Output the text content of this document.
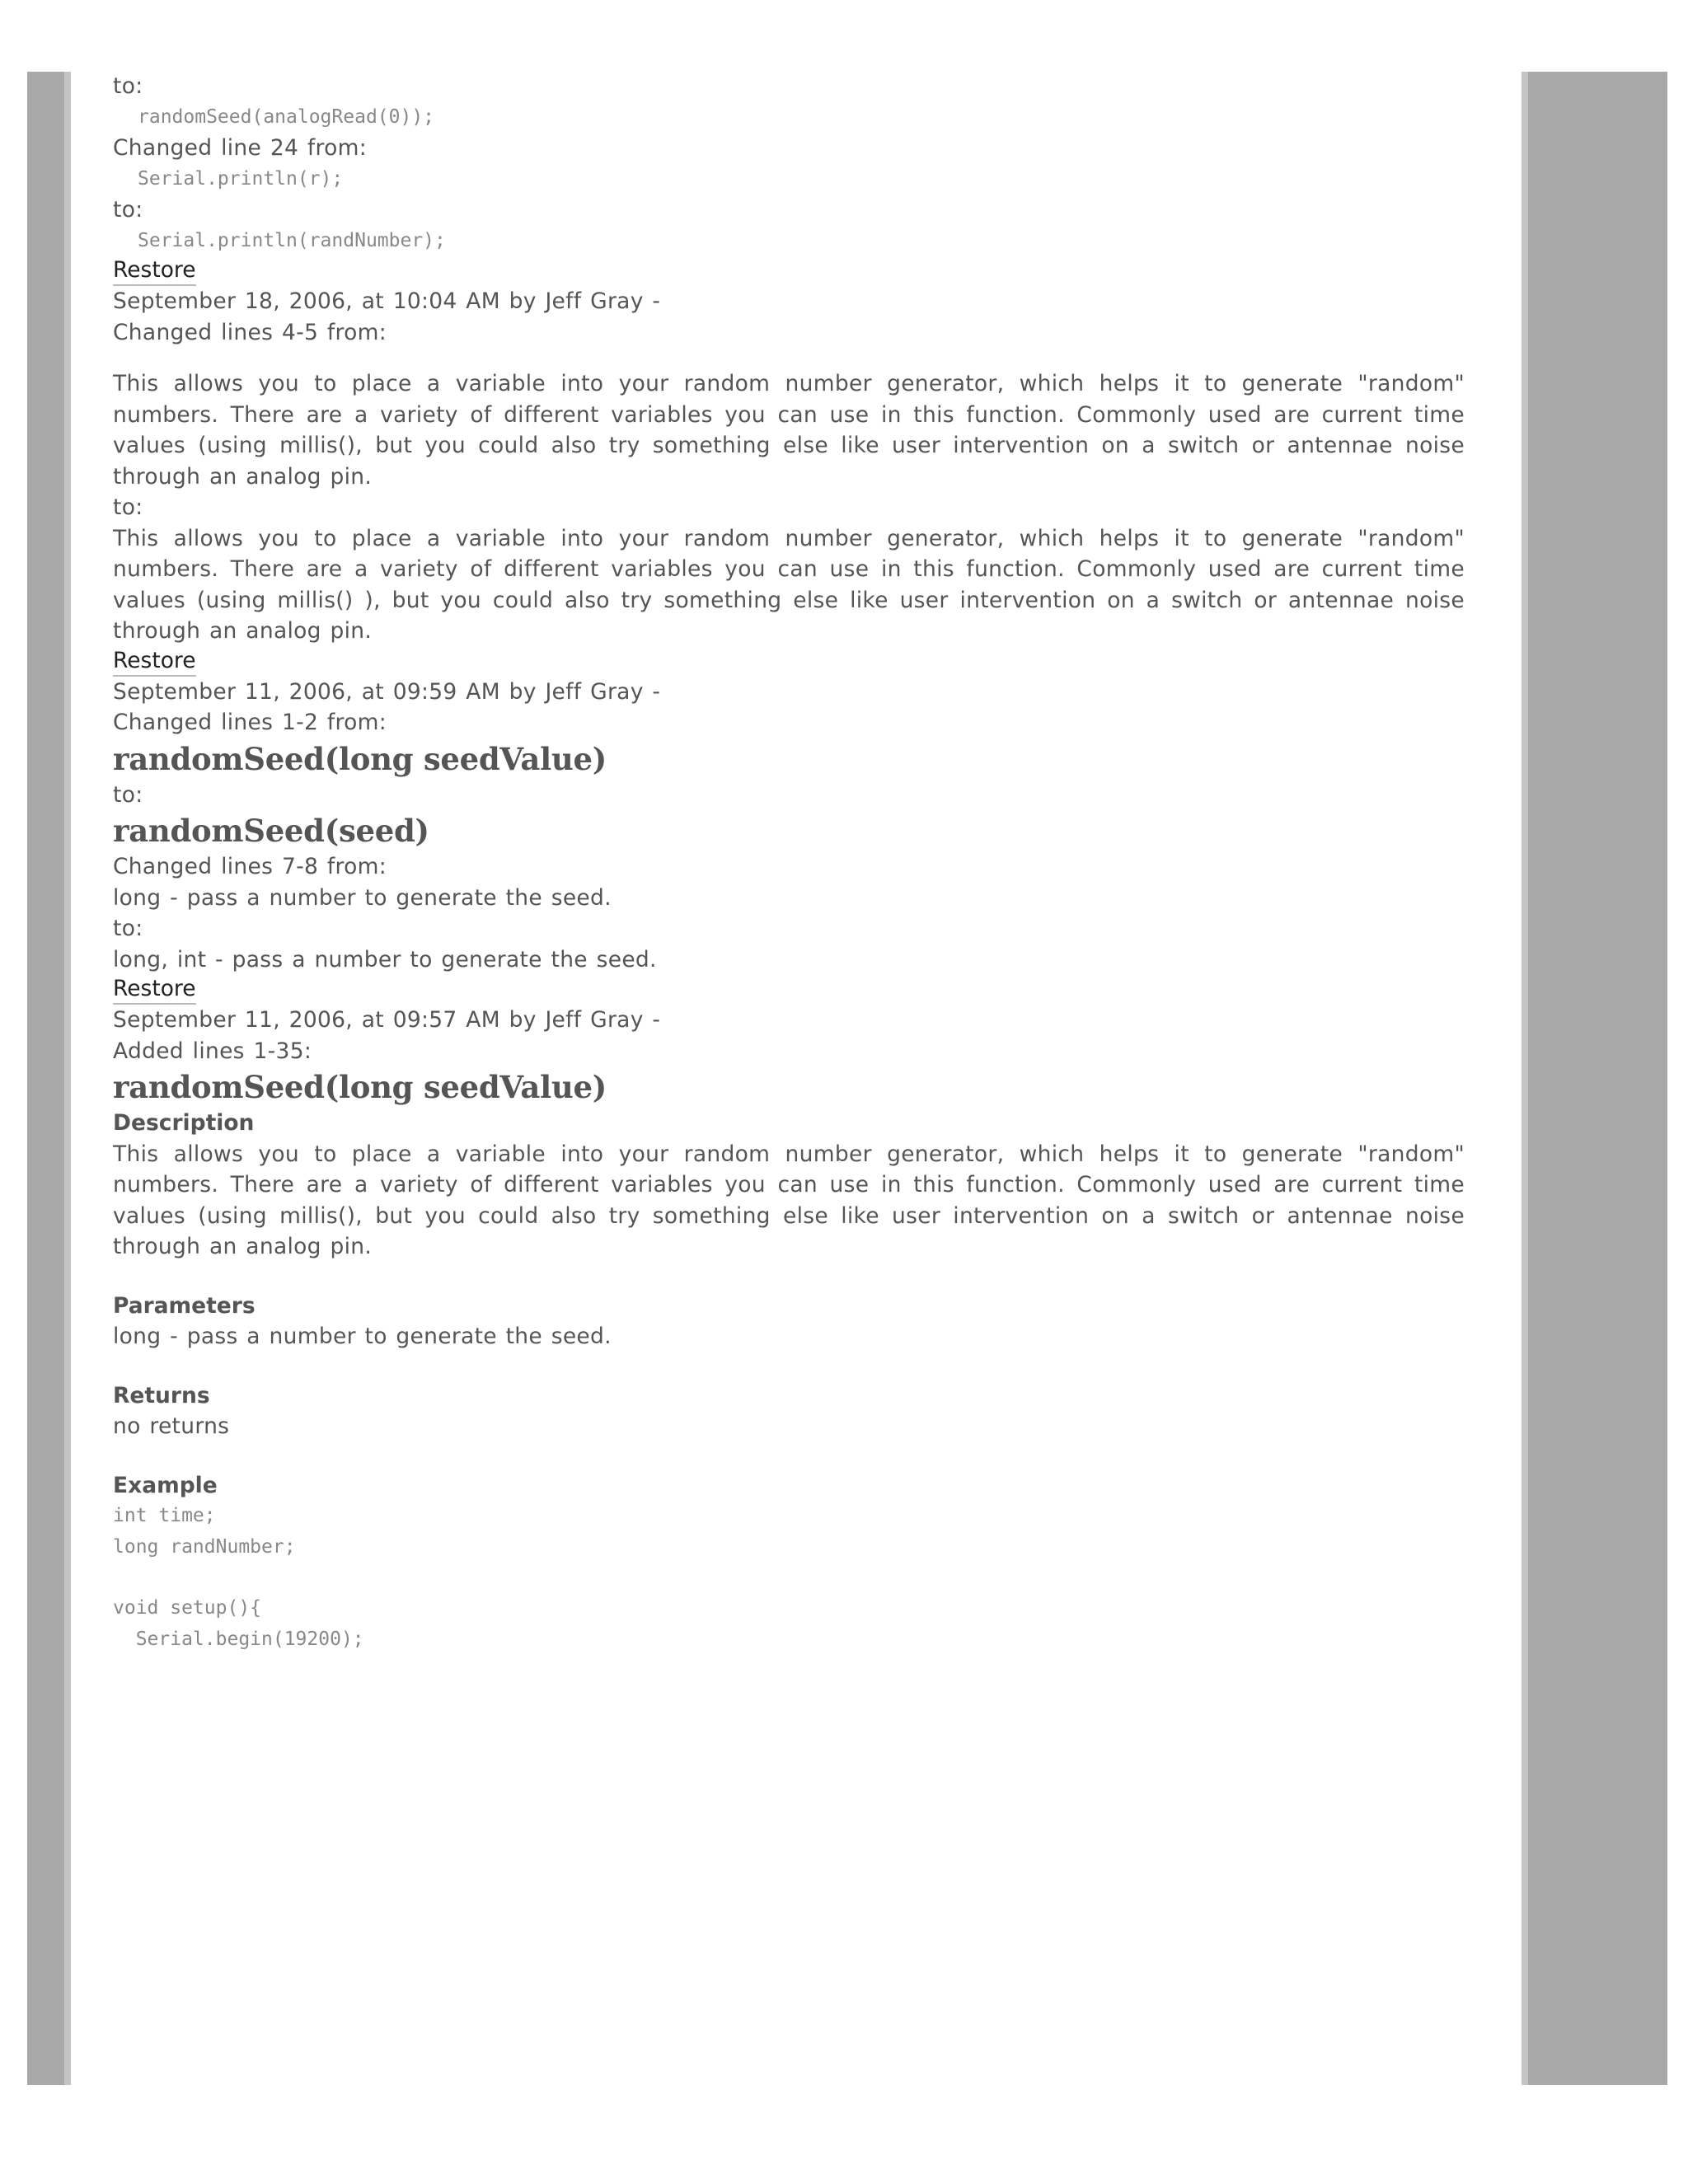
to:

randomSeed(analogRead(0));

Changed line 24 from:

Serial.println(r);

to:

Serial.println(randNumber);
Restore
September 18, 2006, at 10:04 AM by Jeff Gray -
Changed lines 4-5 from:

This allows you to place a variable into your random number generator, which helps it to generate "random" numbers. There are a variety of different variables you can use in this function. Commonly used are current time values (using millis(), but you could also try something else like user intervention on a switch or antennae noise through an analog pin.

to:

This allows you to place a variable into your random number generator, which helps it to generate "random" numbers. There are a variety of different variables you can use in this function. Commonly used are current time values (using millis() ), but you could also try something else like user intervention on a switch or antennae noise through an analog pin.

Restore
September 11, 2006, at 09:59 AM by Jeff Gray -
Changed lines 1-2 from:
randomSeed(long seedValue)

to:

randomSeed(seed)

Changed lines 7-8 from:

long - pass a number to generate the seed.

to:

long, int - pass a number to generate the seed.

Restore
September 11, 2006, at 09:57 AM by Jeff Gray -
Added lines 1-35:
randomSeed(long seedValue)
Description

This allows you to place a variable into your random number generator, which helps it to generate "random" numbers. There are a variety of different variables you can use in this function. Commonly used are current time values (using millis(), but you could also try something else like user intervention on a switch or antennae noise through an analog pin.

Parameters

long - pass a number to generate the seed.

Returns

no returns

Example
int time;
long randNumber;
void setup(){
Serial.begin(19200);
